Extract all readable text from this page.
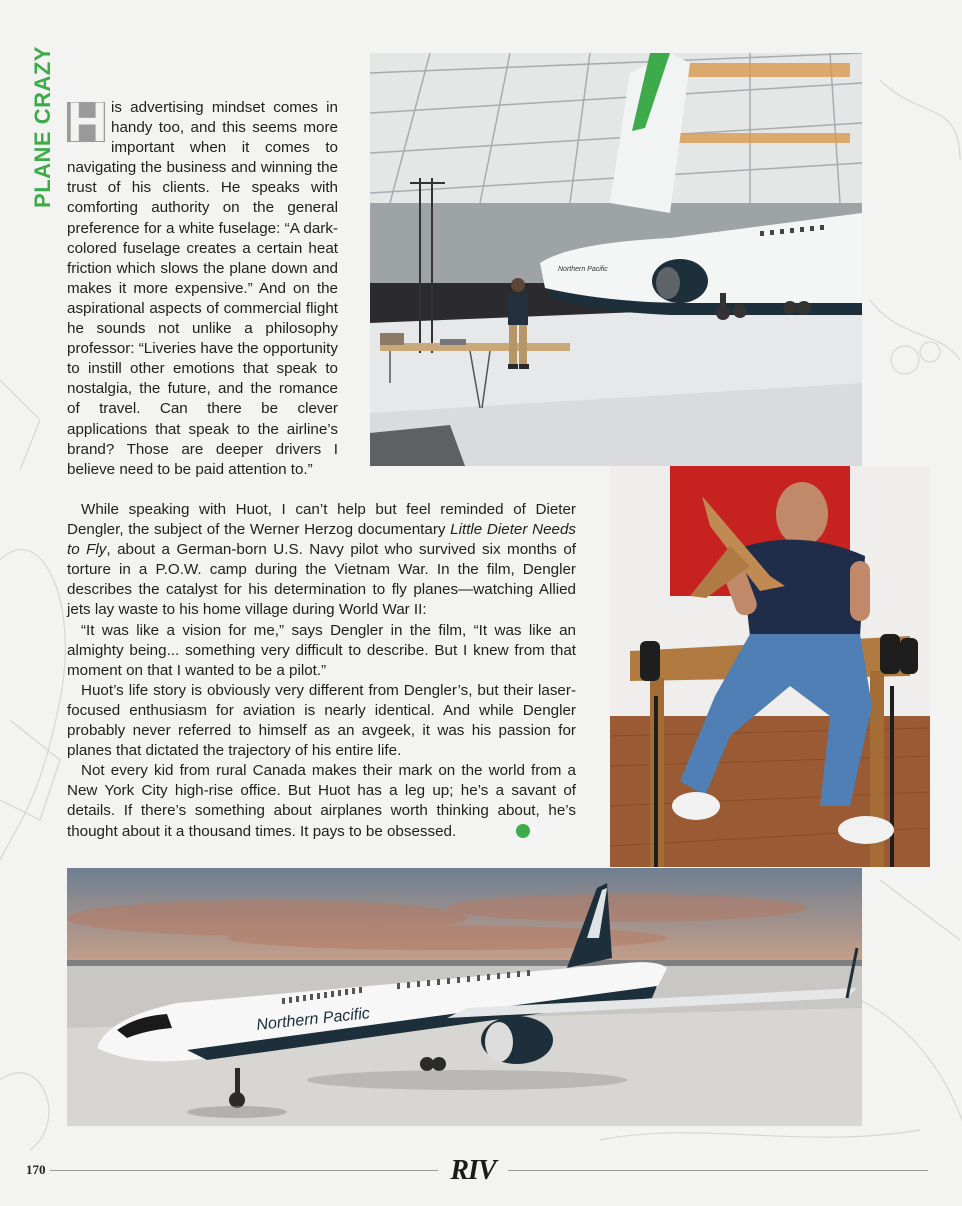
PLANE CRAZY H is advertising mindset comes in handy too, and this seems more important when it comes to navigating the business and winning the trust of his clients. He speaks with comforting authority on the general preference for a white fuselage: “A dark-colored fuselage creates a certain heat friction which slows the plane down and makes it more expensive.” And on the aspirational aspects of commercial flight he sounds not unlike a philosophy professor: “Liveries have the opportunity to instill other emotions that speak to nostalgia, the future, and the romance of travel. Can there be clever applications that speak to the airline’s brand? Those are deeper drivers I believe need to be paid attention to.”

While speaking with Huot, I can’t help but feel reminded of Dieter Dengler, the subject of the Werner Herzog documentary Little Dieter Needs to Fly, about a German-born U.S. Navy pilot who survived six months of torture in a P.O.W. camp during the Vietnam War. In the film, Dengler describes the catalyst for his determination to fly planes—watching Allied jets lay waste to his home village during World War II:

“It was like a vision for me,” says Dengler in the film, “It was like an almighty being... something very difficult to describe. But I knew from that moment on that I wanted to be a pilot.”

Huot’s life story is obviously very different from Dengler’s, but their laser-focused enthusiasm for aviation is nearly identical. And while Dengler probably never referred to himself as an avgeek, it was his passion for planes that dictated the trajectory of his entire life.

Not every kid from rural Canada makes their mark on the world from a New York City high-rise office. But Huot has a leg up; he’s a savant of details. If there’s something about airplanes worth thinking about, he’s thought about it a thousand times. It pays to be obsessed.	R

Northern Pacific
Northern Pacific
170	RIV
